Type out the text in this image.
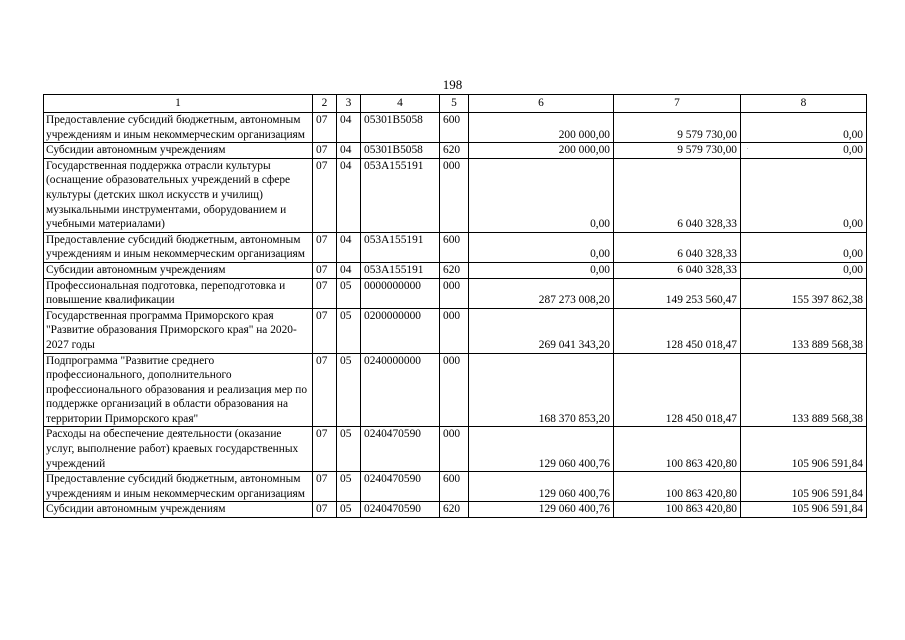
198
1	2	3	4	5	6	7	8
Предоставление субсидий бюджетным, автономным учреждениям и иным некоммерческим организациям	07	04	05301B5058	600	200 000,00	9 579 730,00	0,00
Субсидии автономным учреждениям	07	04	05301B5058	620	200 000,00	9 579 730,00	0,00
Государственная поддержка отрасли культуры (оснащение образовательных учреждений в сфере культуры (детских школ искусств и училищ) музыкальными инструментами, оборудованием и учебными материалами)	07	04	053A155191	000	0,00	6 040 328,33	0,00
Предоставление субсидий бюджетным, автономным учреждениям и иным некоммерческим организациям	07	04	053A155191	600	0,00	6 040 328,33	0,00
Субсидии автономным учреждениям	07	04	053A155191	620	0,00	6 040 328,33	0,00
Профессиональная подготовка, переподготовка и повышение квалификации	07	05	0000000000	000	287 273 008,20	149 253 560,47	155 397 862,38
Государственная программа Приморского края "Развитие образования Приморского края" на 2020-2027 годы	07	05	0200000000	000	269 041 343,20	128 450 018,47	133 889 568,38
Подпрограмма "Развитие среднего профессионального, дополнительного профессионального образования и реализация мер по поддержке организаций в области образования на территории Приморского края"	07	05	0240000000	000	168 370 853,20	128 450 018,47	133 889 568,38
Расходы на обеспечение деятельности (оказание услуг, выполнение работ) краевых государственных учреждений	07	05	0240470590	000	129 060 400,76	100 863 420,80	105 906 591,84
Предоставление субсидий бюджетным, автономным учреждениям и иным некоммерческим организациям	07	05	0240470590	600	129 060 400,76	100 863 420,80	105 906 591,84
Субсидии автономным учреждениям	07	05	0240470590	620	129 060 400,76	100 863 420,80	105 906 591,84
